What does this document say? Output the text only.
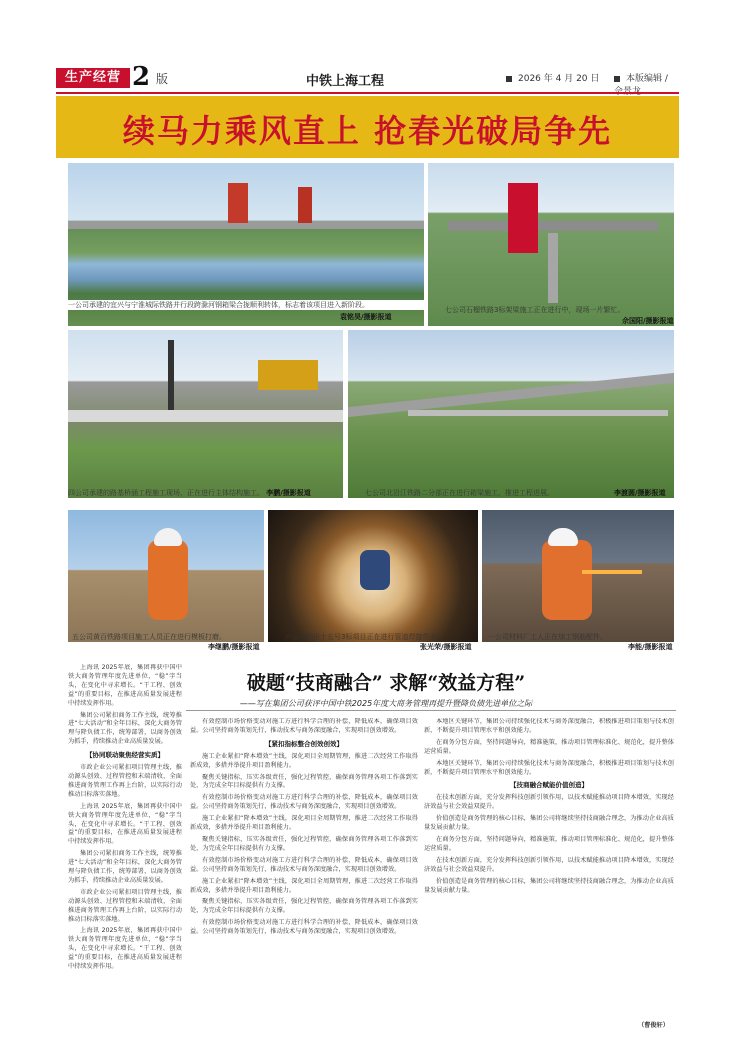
生产经营 2 版	中铁上海工程	2026 年 4 月 20 日	本版编辑 /
续马力乘风直上 抢春光破局争先
一公司承建的宜兴与宁淮城际铁路并行段跨滁河钢箱梁合拢顺利转体，标志着该项目进入新阶段。
袁铭昊/摄影报道
七公司石榴铁路3标架梁施工正在进行中，现场一片繁忙。
佘国阳/摄影报道
四公司承建的路基桥涵工程施工现场，正在进行主体结构施工。 李鹏/摄影报道	七公司北沿江铁路二分部正在进行箱梁施工，推进工程进展。	李渡圆/摄影报道
五公司黄百铁路项目施工人员正在进行模板打磨。
李继鹏/摄影报道
六公司团田十五号3标项目正在进行管道焊接作业。
张光荣/摄影报道
一公司材料厂工人正在加工钢筋配件。
李能/摄影报道
破题“技商融合” 求解“效益方程”
——写在集团公司获评中国中铁2025年度大商务管理再提升暨降负债先进单位之际

上海讯 2025年底，集团再获中国中铁大商务管理年度先进单位，“稳”字当头，在变化中寻求增长。“干工程、创效益”的重要目标，在推进高质量发展进程中持续发挥作用。

集团公司紧扣商务工作主线，统筹推进“七大活动”和全年目标，深化大商务管理与降负债工作，统筹部署，以商务创效为抓手，持续推动企业高质量发展。

【协同联动聚焦经营实质】

市政企业公司紧扣项目管理主线，推动源头创效、过程管控和末端清收，全面推进商务管理工作再上台阶，以实际行动推动目标落实落地。

上海讯 2025年底，集团再获中国中铁大商务管理年度先进单位，“稳”字当头，在变化中寻求增长。“干工程、创效益”的重要目标，在推进高质量发展进程中持续发挥作用。

集团公司紧扣商务工作主线，统筹推进“七大活动”和全年目标，深化大商务管理与降负债工作，统筹部署，以商务创效为抓手，持续推动企业高质量发展。

市政企业公司紧扣项目管理主线，推动源头创效、过程管控和末端清收，全面推进商务管理工作再上台阶，以实际行动推动目标落实落地。

上海讯 2025年底，集团再获中国中铁大商务管理年度先进单位，“稳”字当头，在变化中寻求增长。“干工程、创效益”的重要目标，在推进高质量发展进程中持续发挥作用。

有效控制市场价格变动对施工方进行科学合理的补偿，降低成本，确保项目效益。公司坚持商务策划先行，推动技术与商务深度融合，实现项目创效增效。

【紧扣指标整合创效创效】

施工企业紧扣“降本增效”主线，深化项目全周期管理，推进二次经营工作取得新成效，多措并举提升项目盈利能力。

聚焦关键指标，压实各级责任，强化过程管控，确保商务管理各项工作落到实处，为完成全年目标提供有力支撑。

有效控制市场价格变动对施工方进行科学合理的补偿，降低成本，确保项目效益。公司坚持商务策划先行，推动技术与商务深度融合，实现项目创效增效。

施工企业紧扣“降本增效”主线，深化项目全周期管理，推进二次经营工作取得新成效，多措并举提升项目盈利能力。

聚焦关键指标，压实各级责任，强化过程管控，确保商务管理各项工作落到实处，为完成全年目标提供有力支撑。

有效控制市场价格变动对施工方进行科学合理的补偿，降低成本，确保项目效益。公司坚持商务策划先行，推动技术与商务深度融合，实现项目创效增效。

施工企业紧扣“降本增效”主线，深化项目全周期管理，推进二次经营工作取得新成效，多措并举提升项目盈利能力。

聚焦关键指标，压实各级责任，强化过程管控，确保商务管理各项工作落到实处，为完成全年目标提供有力支撑。

有效控制市场价格变动对施工方进行科学合理的补偿，降低成本，确保项目效益。公司坚持商务策划先行，推动技术与商务深度融合，实现项目创效增效。

本地区关键环节，集团公司持续强化技术与商务深度融合，积极推进项目策划与技术创新，不断提升项目管理水平和创效能力。

在商务分包方面，坚持问题导向，精准施策，推动项目管理标准化、规范化，提升整体运营质量。

本地区关键环节，集团公司持续强化技术与商务深度融合，积极推进项目策划与技术创新，不断提升项目管理水平和创效能力。

【技商融合赋能价值创造】

在技术创新方面，充分发挥科技创新引领作用，以技术赋能推动项目降本增效，实现经济效益与社会效益双提升。

价值创造是商务管理的核心目标，集团公司将继续坚持技商融合理念，为推动企业高质量发展贡献力量。

在商务分包方面，坚持问题导向，精准施策，推动项目管理标准化、规范化，提升整体运营质量。

在技术创新方面，充分发挥科技创新引领作用，以技术赋能推动项目降本增效，实现经济效益与社会效益双提升。

价值创造是商务管理的核心目标，集团公司将继续坚持技商融合理念，为推动企业高质量发展贡献力量。

（曹俊轩）
